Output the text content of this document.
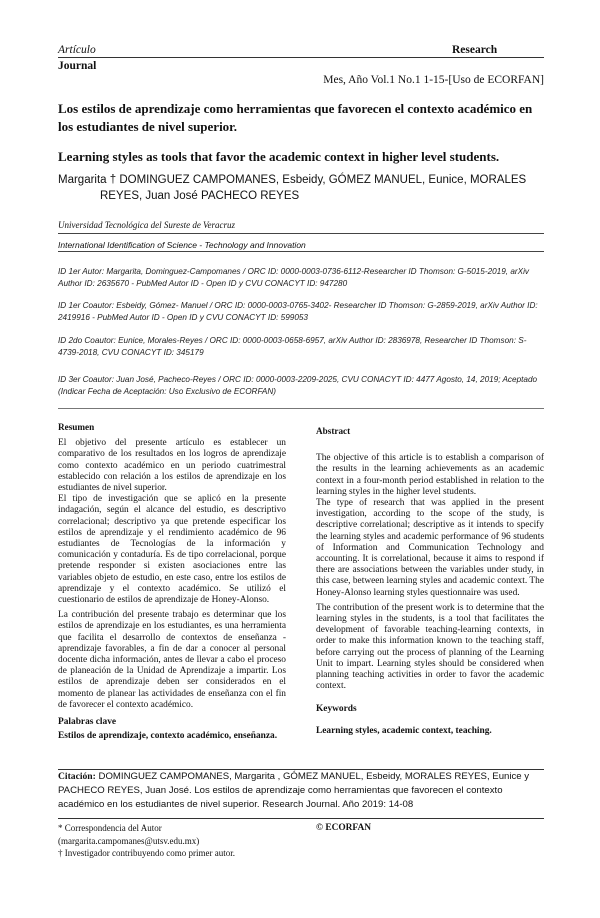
Artículo	Research
Journal
Mes, Año Vol.1 No.1 1-15-[Uso de ECORFAN]
Los estilos de aprendizaje como herramientas que favorecen el contexto académico en los estudiantes de nivel superior.
Learning styles as tools that favor the academic context in higher level students.
Margarita † DOMINGUEZ CAMPOMANES, Esbeidy, GÓMEZ MANUEL, Eunice, MORALES
REYES, Juan José PACHECO REYES
Universidad Tecnológica del Sureste de Veracruz
International Identification of Science - Technology and Innovation
ID 1er Autor: Margarita, Dominguez-Campomanes / ORC ID: 0000-0003-0736-6112-Researcher ID Thomson: G-5015-2019, arXiv Author ID: 2635670 - PubMed Autor ID - Open ID y CVU CONACYT ID: 947280
ID 1er Coautor: Esbeidy, Gómez- Manuel / ORC ID: 0000-0003-0765-3402- Researcher ID Thomson: G-2859-2019, arXiv Author ID: 2419916 - PubMed Autor ID - Open ID y CVU CONACYT ID: 599053
ID 2do Coautor: Eunice, Morales-Reyes / ORC ID: 0000-0003-0658-6957, arXiv Author ID: 2836978, Researcher ID Thomson: S-4739-2018, CVU CONACYT ID: 345179
ID 3er Coautor: Juan José, Pacheco-Reyes / ORC ID: 0000-0003-2209-2025, CVU CONACYT ID: 4477 Agosto, 14, 2019; Aceptado (Indicar Fecha de Aceptación: Uso Exclusivo de ECORFAN)
Resumen

El objetivo del presente artículo es establecer un comparativo de los resultados en los logros de aprendizaje como contexto académico en un periodo cuatrimestral establecido con relación a los estilos de aprendizaje en los estudiantes de nivel superior.

El tipo de investigación que se aplicó en la presente indagación, según el alcance del estudio, es descriptivo correlacional; descriptivo ya que pretende especificar los estilos de aprendizaje y el rendimiento académico de 96 estudiantes de Tecnologías de la información y comunicación y contaduría. Es de tipo correlacional, porque pretende responder si existen asociaciones entre las variables objeto de estudio, en este caso, entre los estilos de aprendizaje y el contexto académico. Se utilizó el cuestionario de estilos de aprendizaje de Honey-Alonso.

La contribución del presente trabajo es determinar que los estilos de aprendizaje en los estudiantes, es una herramienta que facilita el desarrollo de contextos de enseñanza - aprendizaje favorables, a fin de dar a conocer al personal docente dicha información, antes de llevar a cabo el proceso de planeación de la Unidad de Aprendizaje a impartir. Los estilos de aprendizaje deben ser considerados en el momento de planear las actividades de enseñanza con el fin de favorecer el contexto académico.

Palabras clave
Estilos de aprendizaje, contexto académico, enseñanza.
Abstract

The objective of this article is to establish a comparison of the results in the learning achievements as an academic context in a four-month period established in relation to the learning styles in the higher level students.

The type of research that was applied in the present investigation, according to the scope of the study, is descriptive correlational; descriptive as it intends to specify the learning styles and academic performance of 96 students of Information and Communication Technology and accounting. It is correlational, because it aims to respond if there are associations between the variables under study, in this case, between learning styles and academic context. The Honey-Alonso learning styles questionnaire was used.

The contribution of the present work is to determine that the learning styles in the students, is a tool that facilitates the development of favorable teaching-learning contexts, in order to make this information known to the teaching staff, before carrying out the process of planning of the Learning Unit to impart. Learning styles should be considered when planning teaching activities in order to favor the academic context.

Keywords
Learning styles, academic context, teaching.
Citación: DOMINGUEZ CAMPOMANES, Margarita , GÓMEZ MANUEL, Esbeidy, MORALES REYES, Eunice y PACHECO REYES, Juan José. Los estilos de aprendizaje como herramientas que favorecen el contexto académico en los estudiantes de nivel superior. Research Journal. Año 2019: 14-08
* Correspondencia del Autor
(margarita.campomanes@utsv.edu.mx)
† Investigador contribuyendo como primer autor.
© ECORFAN
